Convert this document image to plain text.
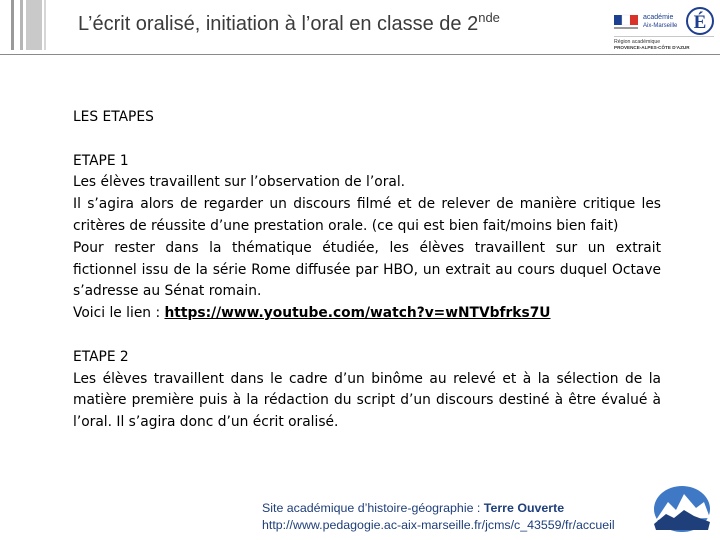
L’écrit oralisé, initiation à l’oral en classe de 2nde	académie
Aix-Marseille É
Région académique
PROVENCE-ALPES-CÔTE D’AZUR

LES ETAPES

ETAPE 1

Les élèves travaillent sur l’observation de l’oral.

Il s’agira alors de regarder un discours filmé et de relever de manière critique les critères de réussite d’une prestation orale. (ce qui est bien fait/moins bien fait)

Pour rester dans la thématique étudiée, les élèves travaillent sur un extrait fictionnel issu de la série Rome diffusée par HBO, un extrait au cours duquel Octave s’adresse au Sénat romain.

Voici le lien : https://www.youtube.com/watch?v=wNTVbfrks7U

ETAPE 2

Les élèves travaillent dans le cadre d’un binôme au relevé et à la sélection de la matière première puis à la rédaction du script d’un discours destiné à être évalué à l’oral. Il s’agira donc d’un écrit oralisé.

Site académique d’histoire-géographie : Terre Ouverte
http://www.pedagogie.ac-aix-marseille.fr/jcms/c_43559/fr/accueil
